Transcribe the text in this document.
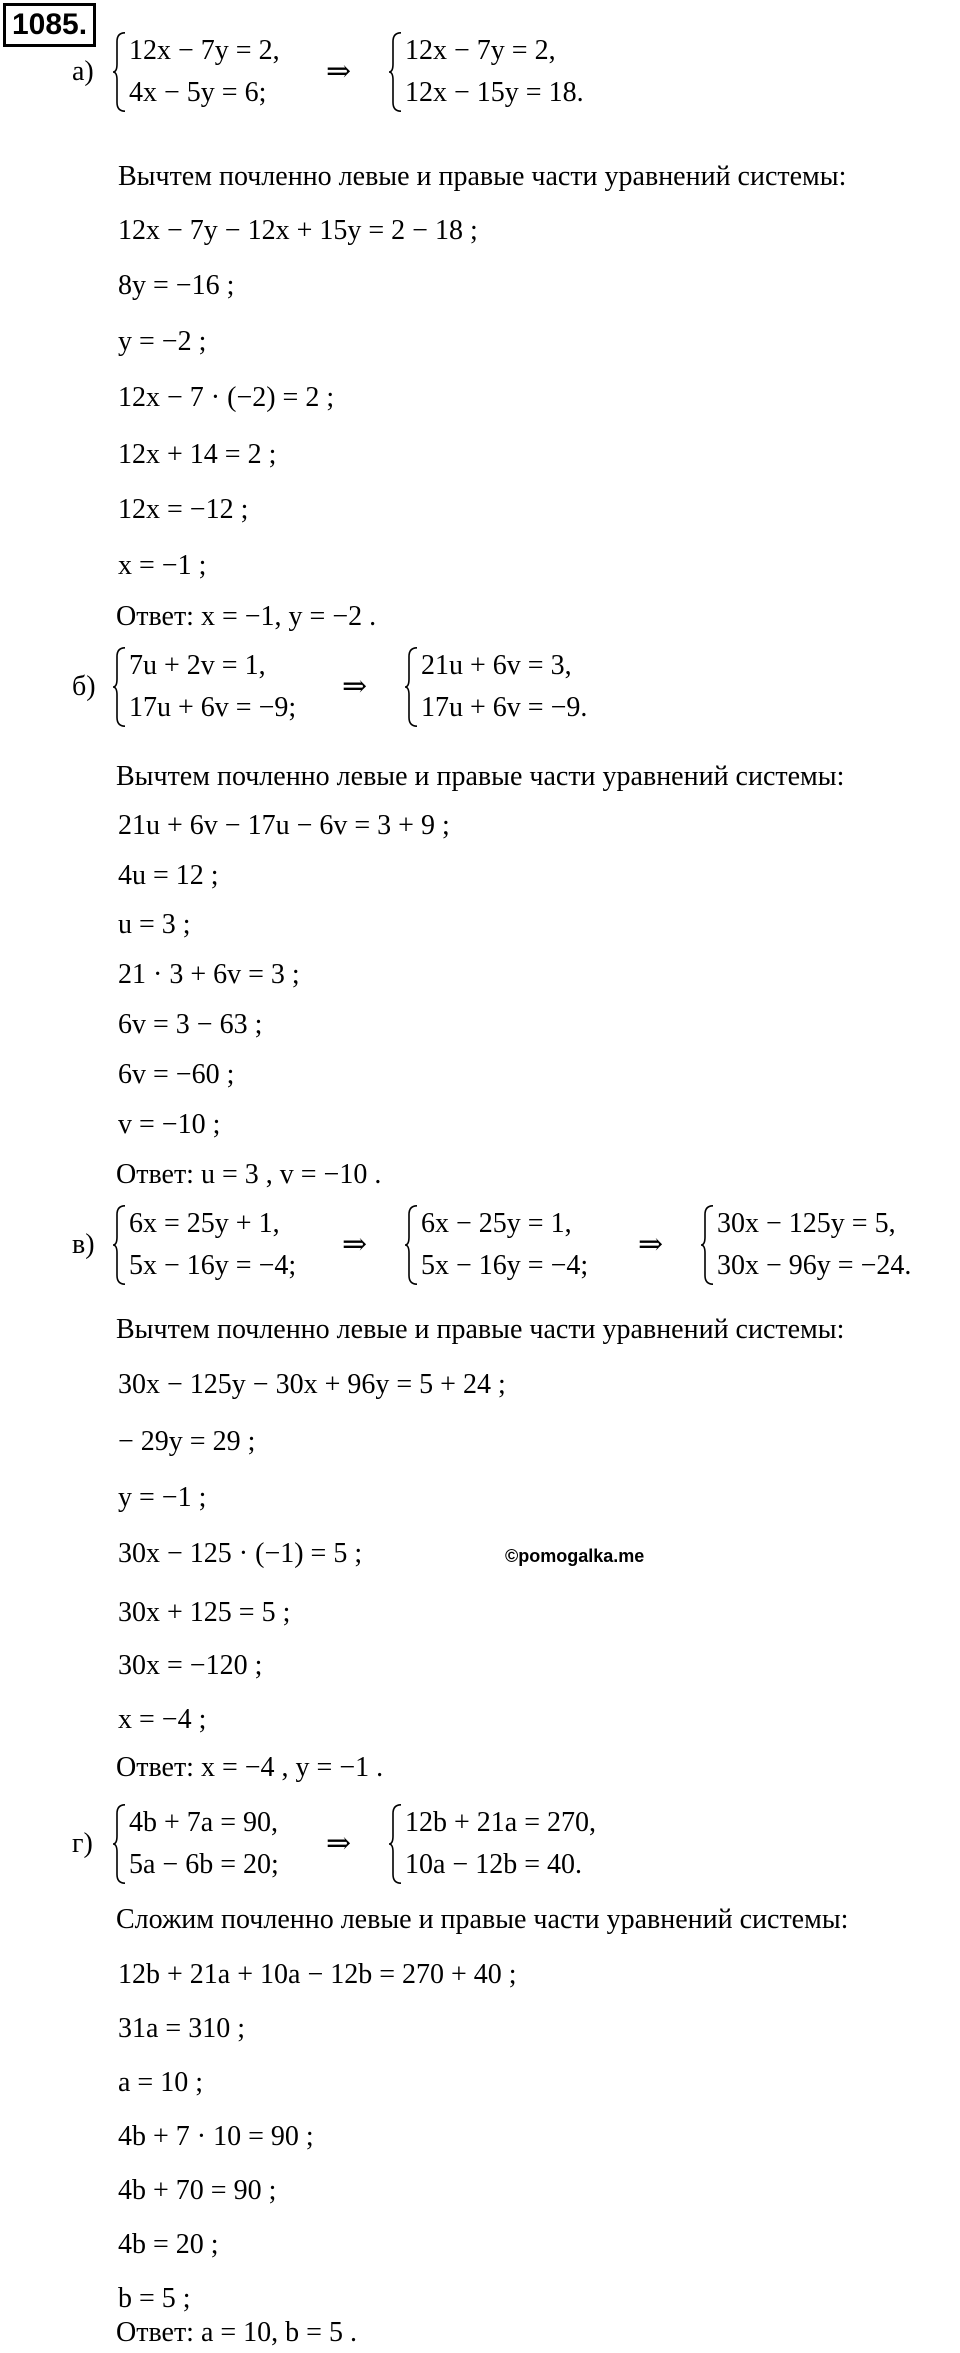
1085.
а)
12x − 7y = 2,
4x − 5y = 6;
⇒
12x − 7y = 2,
12x − 15y = 18.
Вычтем почленно левые и правые части уравнений системы:
12x − 7y − 12x + 15y = 2 − 18 ;
8y = −16 ;
y = −2 ;
12x − 7 · (−2) = 2 ;
12x + 14 = 2 ;
12x = −12 ;
x = −1 ;
Ответ: x = −1, y = −2 .
б)
7u + 2v = 1,
17u + 6v = −9;
⇒
21u + 6v = 3,
17u + 6v = −9.
Вычтем почленно левые и правые части уравнений системы:
21u + 6v − 17u − 6v = 3 + 9 ;
4u = 12 ;
u = 3 ;
21 · 3 + 6v = 3 ;
6v = 3 − 63 ;
6v = −60 ;
v = −10 ;
Ответ: u = 3 , v = −10 .
в)
6x = 25y + 1,
5x − 16y = −4;
⇒
6x − 25y = 1,
5x − 16y = −4;
⇒
30x − 125y = 5,
30x − 96y = −24.
Вычтем почленно левые и правые части уравнений системы:
30x − 125y − 30x + 96y = 5 + 24 ;
− 29y = 29 ;
y = −1 ;
30x − 125 · (−1) = 5 ;	©pomogalka.me
30x + 125 = 5 ;
30x = −120 ;
x = −4 ;
Ответ: x = −4 , y = −1 .
г)
4b + 7a = 90,
5a − 6b = 20;
⇒
12b + 21a = 270,
10a − 12b = 40.
Сложим почленно левые и правые части уравнений системы:
12b + 21a + 10a − 12b = 270 + 40 ;
31a = 310 ;
a = 10 ;
4b + 7 · 10 = 90 ;
4b + 70 = 90 ;
4b = 20 ;
b = 5 ;
Ответ: a = 10, b = 5 .
